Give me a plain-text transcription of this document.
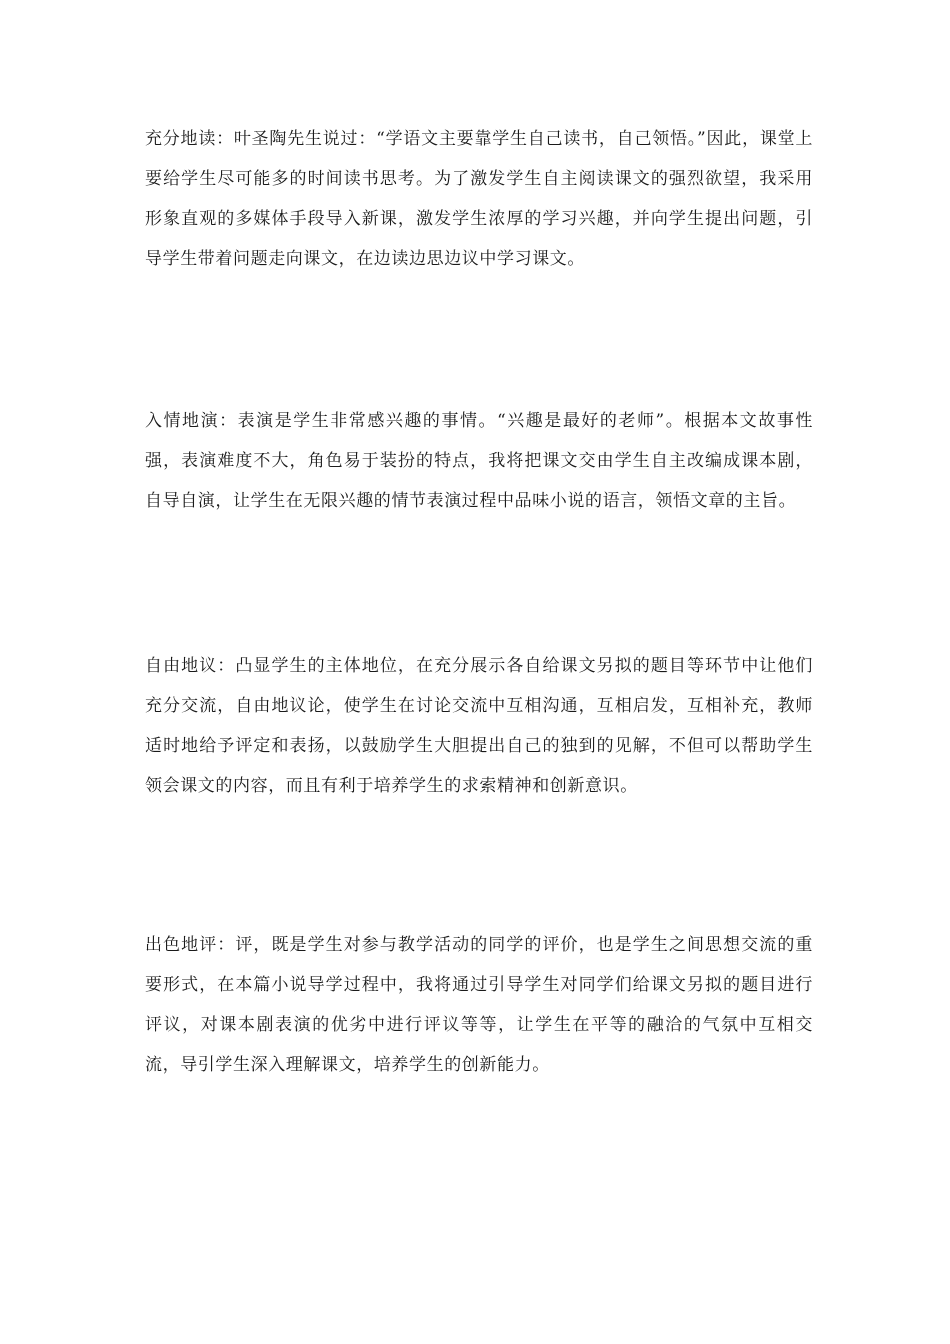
充分地读：叶圣陶先生说过：“学语文主要靠学生自己读书，自己领悟。”因此，课堂上要给学生尽可能多的时间读书思考。为了激发学生自主阅读课文的强烈欲望，我采用形象直观的多媒体手段导入新课，激发学生浓厚的学习兴趣，并向学生提出问题，引导学生带着问题走向课文，在边读边思边议中学习课文。

入情地演：表演是学生非常感兴趣的事情。“兴趣是最好的老师”。根据本文故事性强，表演难度不大，角色易于装扮的特点，我将把课文交由学生自主改编成课本剧，自导自演，让学生在无限兴趣的情节表演过程中品味小说的语言，领悟文章的主旨。

自由地议：凸显学生的主体地位，在充分展示各自给课文另拟的题目等环节中让他们充分交流，自由地议论，使学生在讨论交流中互相沟通，互相启发，互相补充，教师适时地给予评定和表扬，以鼓励学生大胆提出自己的独到的见解，不但可以帮助学生领会课文的内容，而且有利于培养学生的求索精神和创新意识。

出色地评：评，既是学生对参与教学活动的同学的评价，也是学生之间思想交流的重要形式，在本篇小说导学过程中，我将通过引导学生对同学们给课文另拟的题目进行评议，对课本剧表演的优劣中进行评议等等，让学生在平等的融洽的气氛中互相交流，导引学生深入理解课文，培养学生的创新能力。
